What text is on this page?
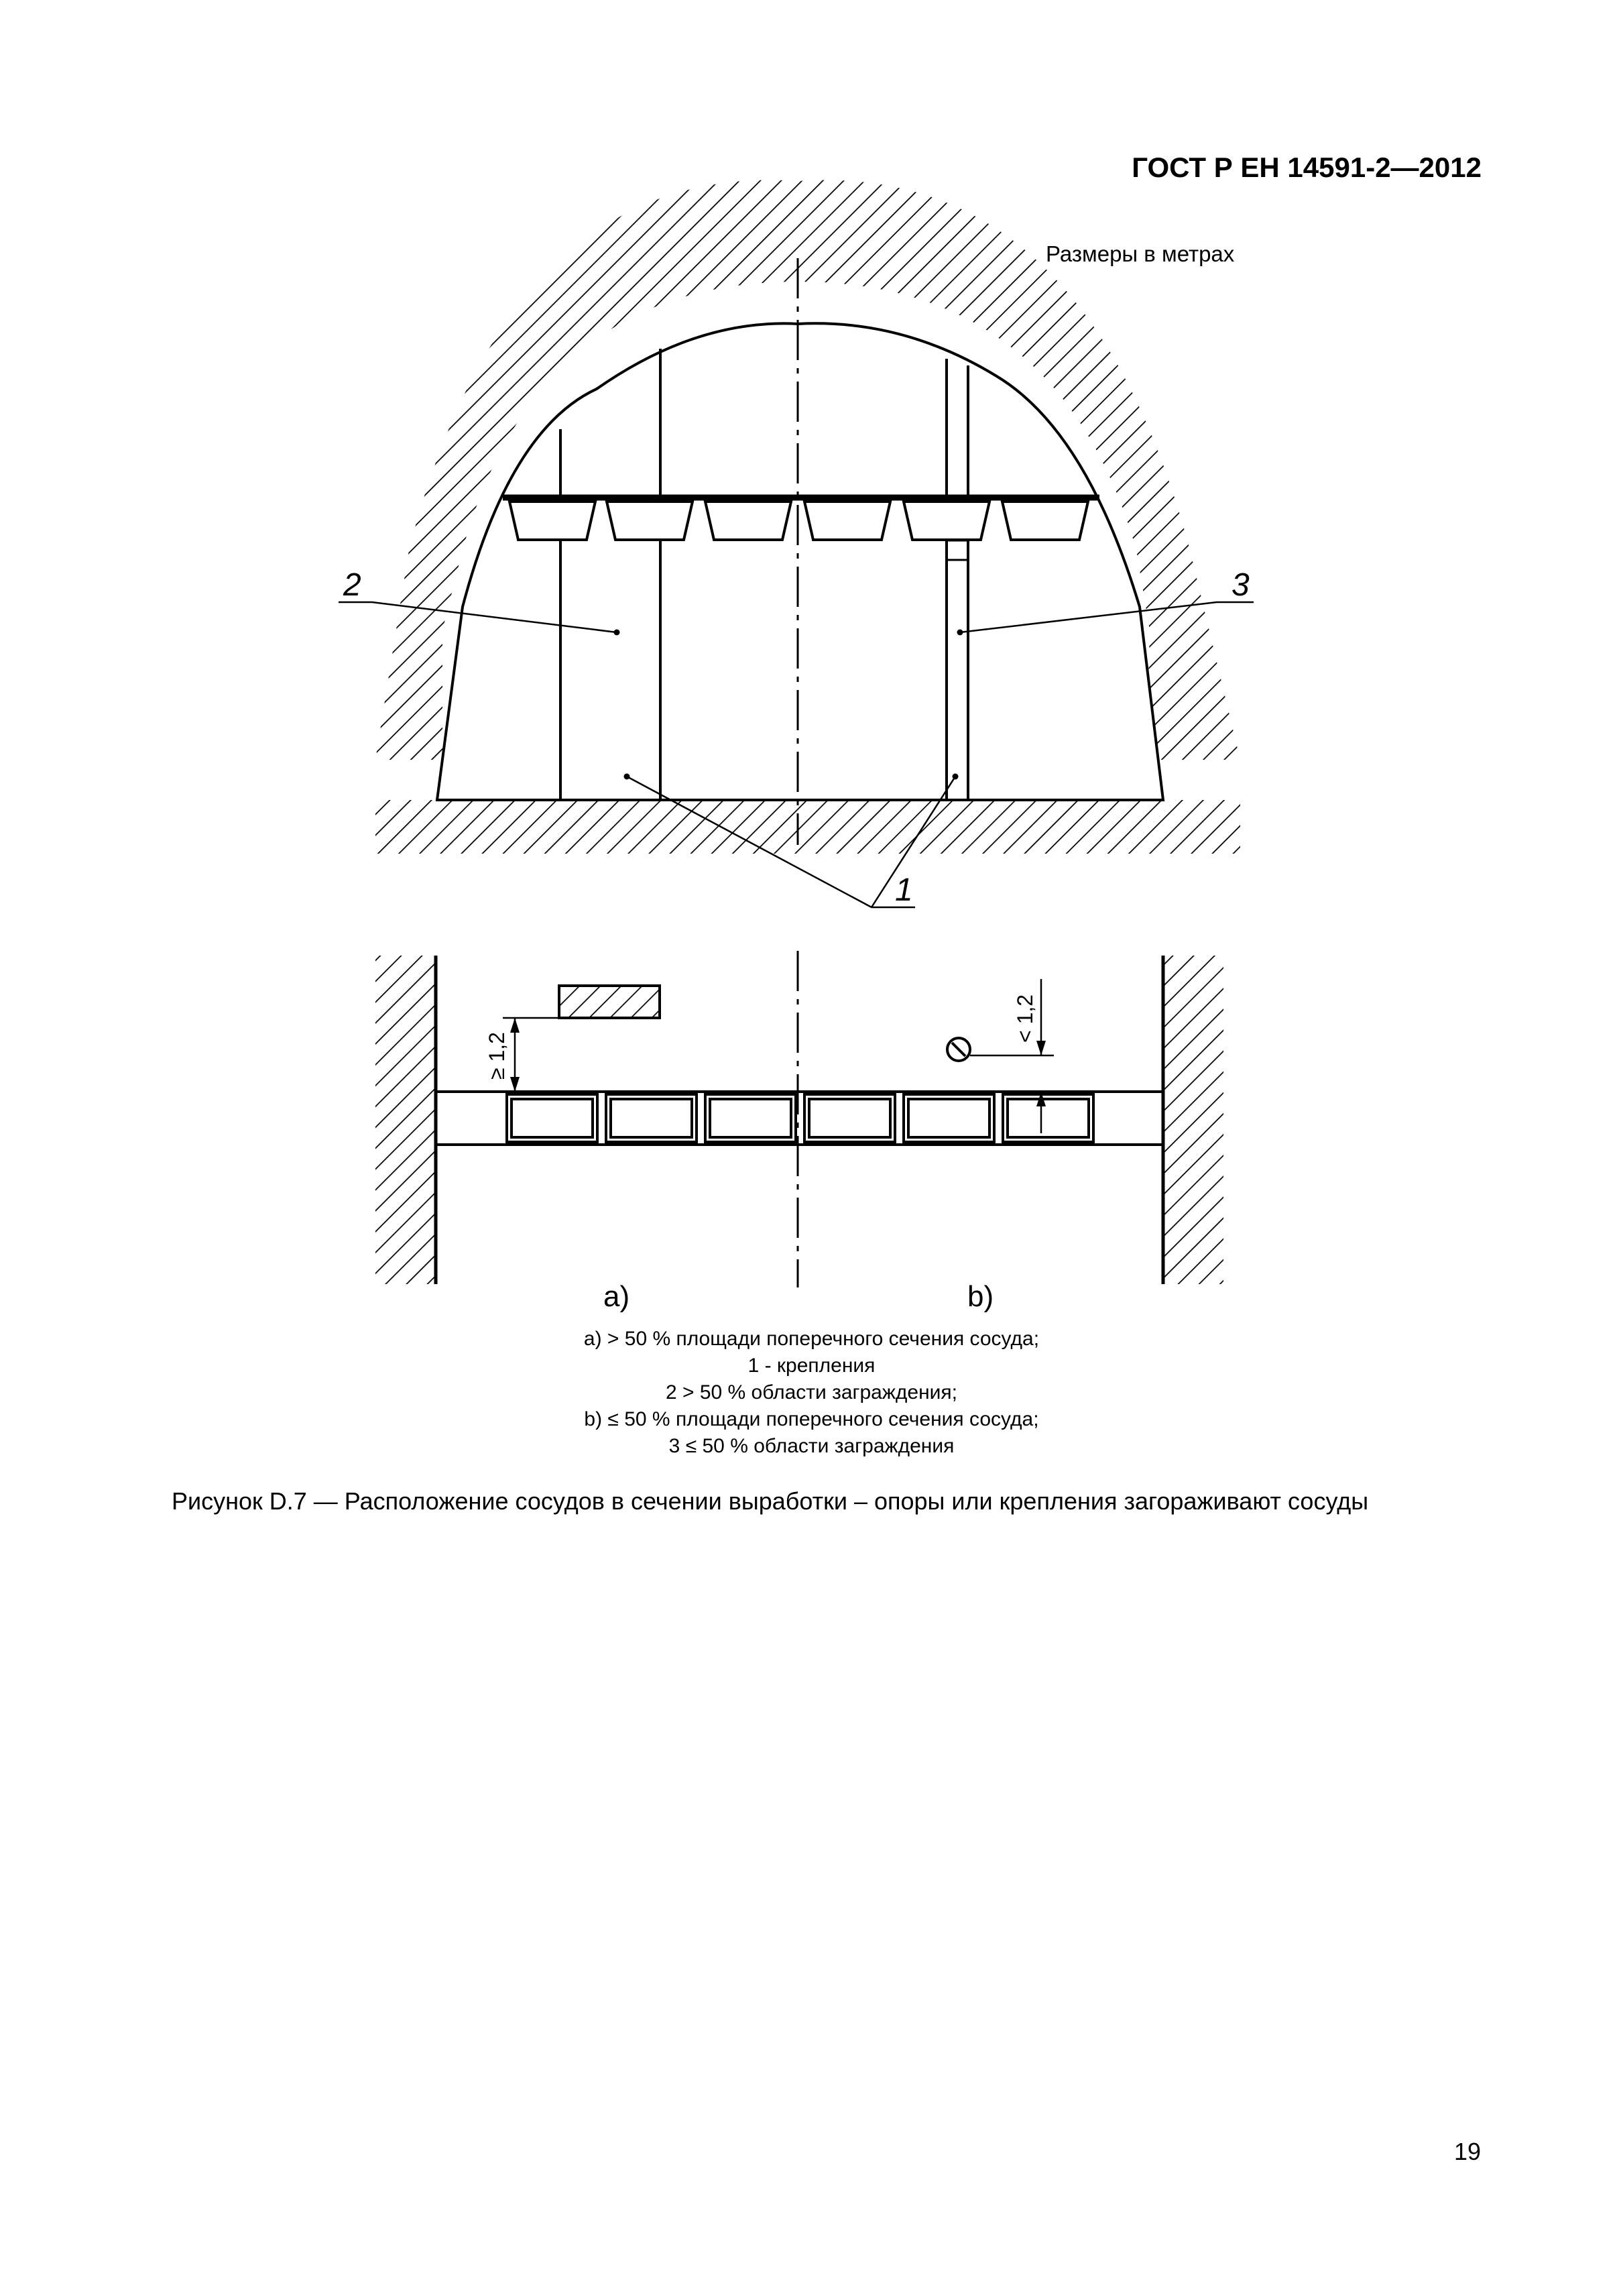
ГОСТ Р ЕН 14591-2—2012
Размеры в метрах
2	3
1
≥ 1,2
< 1,2
a)	b)
a) > 50 % площади поперечного сечения сосуда;
1 - крепления
2 > 50 % области заграждения;
b) ≤ 50 % площади поперечного сечения сосуда;
3 ≤ 50 % области заграждения
Рисунок D.7 — Расположение сосудов в сечении выработки – опоры или крепления загораживают сосуды
19
